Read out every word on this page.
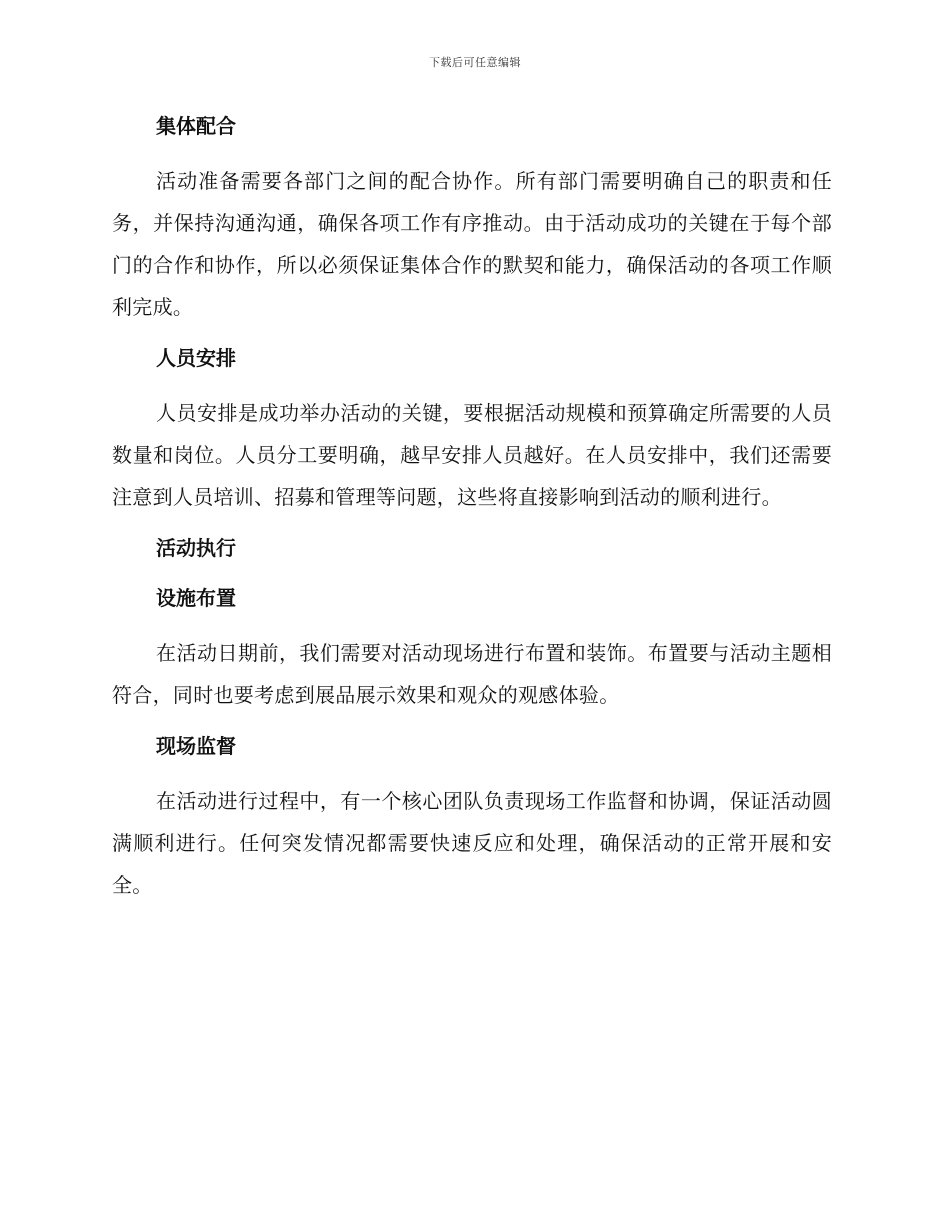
下载后可任意编辑
集体配合

活动准备需要各部门之间的配合协作。所有部门需要明确自己的职责和任务，并保持沟通沟通，确保各项工作有序推动。由于活动成功的关键在于每个部门的合作和协作，所以必须保证集体合作的默契和能力，确保活动的各项工作顺利完成。

人员安排

人员安排是成功举办活动的关键，要根据活动规模和预算确定所需要的人员数量和岗位。人员分工要明确，越早安排人员越好。在人员安排中，我们还需要注意到人员培训、招募和管理等问题，这些将直接影响到活动的顺利进行。

活动执行
设施布置

在活动日期前，我们需要对活动现场进行布置和装饰。布置要与活动主题相符合，同时也要考虑到展品展示效果和观众的观感体验。

现场监督

在活动进行过程中，有一个核心团队负责现场工作监督和协调，保证活动圆满顺利进行。任何突发情况都需要快速反应和处理，确保活动的正常开展和安全。
